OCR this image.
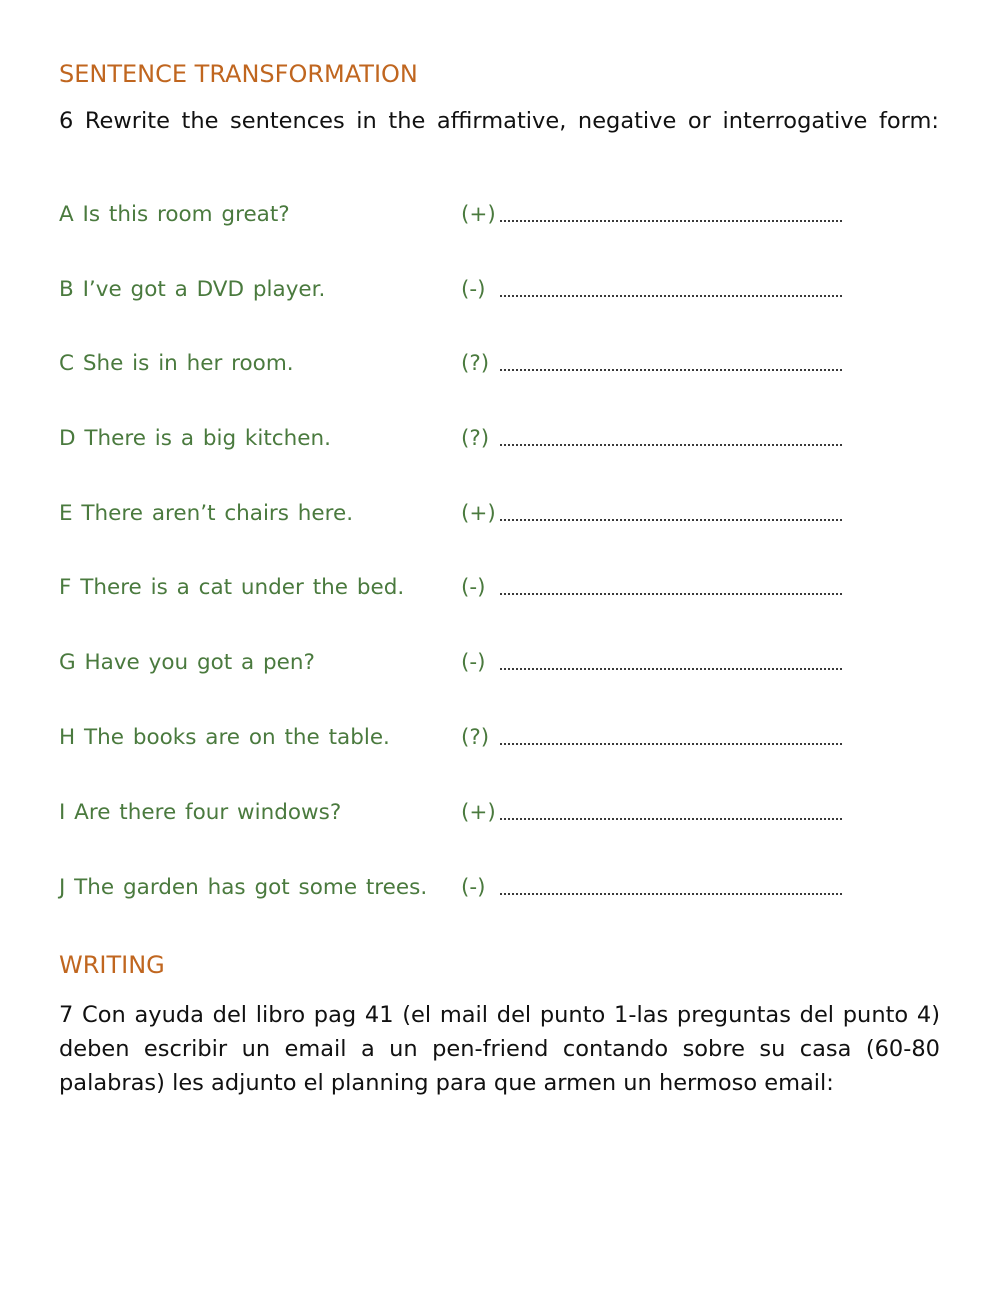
SENTENCE TRANSFORMATION

6 Rewrite the sentences in the affirmative, negative or interrogative form:

A Is this room great?	(+)
B I’ve got a DVD player.	(-)
C She is in her room.	(?)
D There is a big kitchen.	(?)
E There aren’t chairs here.	(+)
F There is a cat under the bed.	(-)
G Have you got a pen?	(-)
H The books are on the table.	(?)
I Are there four windows?	(+)
J The garden has got some trees. (-)
WRITING

7 Con ayuda del libro pag 41 (el mail del punto 1-las preguntas del punto 4) deben escribir un email a un pen-friend contando sobre su casa (60-80 palabras) les adjunto el planning para que armen un hermoso email:
